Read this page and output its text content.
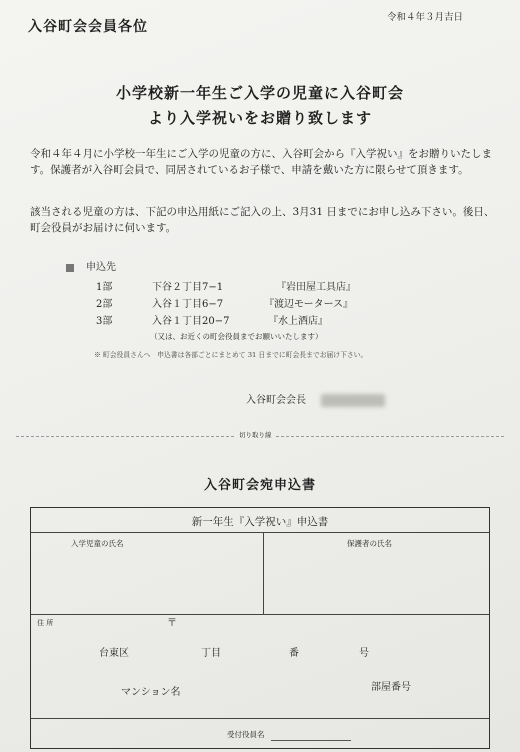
入谷町会会員各位
令和４年３月吉日
小学校新一年生ご入学の児童に入谷町会
より入学祝いをお贈り致します
令和４年４月に小学校一年生にご入学の児童の方に、入谷町会から『入学祝い』をお贈りいたします。保護者が入谷町会員で、同居されているお子様で、申請を戴いた方に限らせて頂きます。
該当される児童の方は、下記の申込用紙にご記入の上、3月31 日までにお申し込み下さい。後日、町会役員がお届けに伺います。
申込先
1部	下谷２丁目7−1	『岩田屋工具店』
2部	入谷１丁目6−7	『渡辺モータース』
3部	入谷１丁目20−7	『水上酒店』
（又は、お近くの町会役員までお願いいたします）
※ 町会役員さんへ　申込書は各部ごとにまとめて 31 日までに町会長までお届け下さい。
入谷町会会長
切り取り線
入谷町会宛申込書
新一年生『入学祝い』申込書
入学児童の氏名	保護者の氏名
住 所	〒
台東区	丁目	番	号
マンション名	部屋番号
受付役員名
